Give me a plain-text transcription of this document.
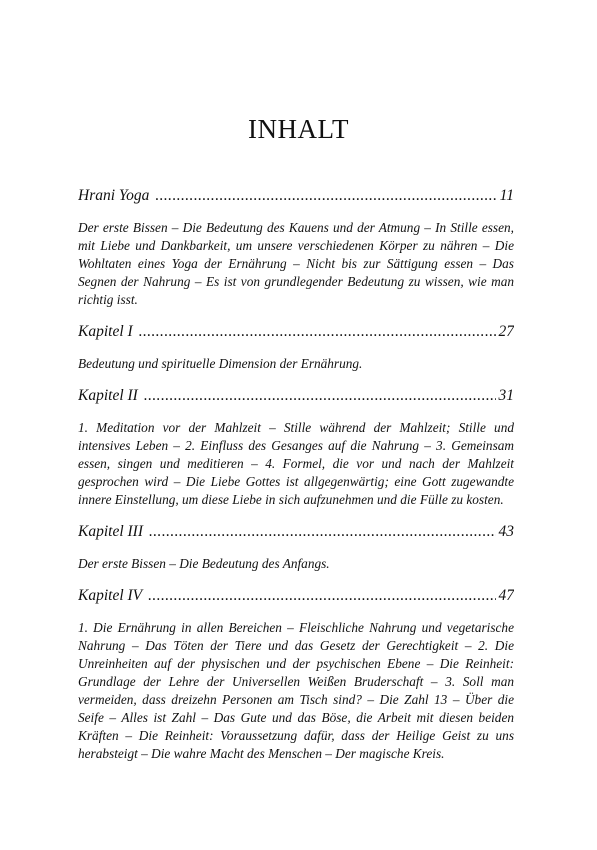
INHALT
Hrani Yoga .....	11

Der erste Bissen – Die Bedeutung des Kauens und der Atmung – In Stille essen, mit Liebe und Dankbarkeit, um unsere verschiedenen Körper zu nähren – Die Wohltaten eines Yoga der Ernährung – Nicht bis zur Sättigung essen – Das Segnen der Nahrung – Es ist von grundlegender Bedeutung zu wissen, wie man richtig isst.

Kapitel I .....	27

Bedeutung und spirituelle Dimension der Ernährung.

Kapitel II .....	31

1. Meditation vor der Mahlzeit – Stille während der Mahlzeit; Stille und intensives Leben – 2. Einfluss des Gesanges auf die Nahrung – 3. Gemeinsam essen, singen und meditieren – 4. Formel, die vor und nach der Mahlzeit gesprochen wird – Die Liebe Gottes ist allgegenwärtig; eine Gott zugewandte innere Einstellung, um diese Liebe in sich aufzunehmen und die Fülle zu kosten.

Kapitel III .....	43

Der erste Bissen – Die Bedeutung des Anfangs.

Kapitel IV .....	47

1. Die Ernährung in allen Bereichen – Fleischliche Nahrung und vegetarische Nahrung – Das Töten der Tiere und das Gesetz der Gerechtigkeit – 2. Die Unreinheiten auf der physischen und der psychischen Ebene – Die Reinheit: Grundlage der Lehre der Universellen Weißen Bruderschaft – 3. Soll man vermeiden, dass dreizehn Personen am Tisch sind? – Die Zahl 13 – Über die Seife – Alles ist Zahl – Das Gute und das Böse, die Arbeit mit diesen beiden Kräften – Die Reinheit: Voraussetzung dafür, dass der Heilige Geist zu uns herabsteigt – Die wahre Macht des Menschen – Der magische Kreis.
